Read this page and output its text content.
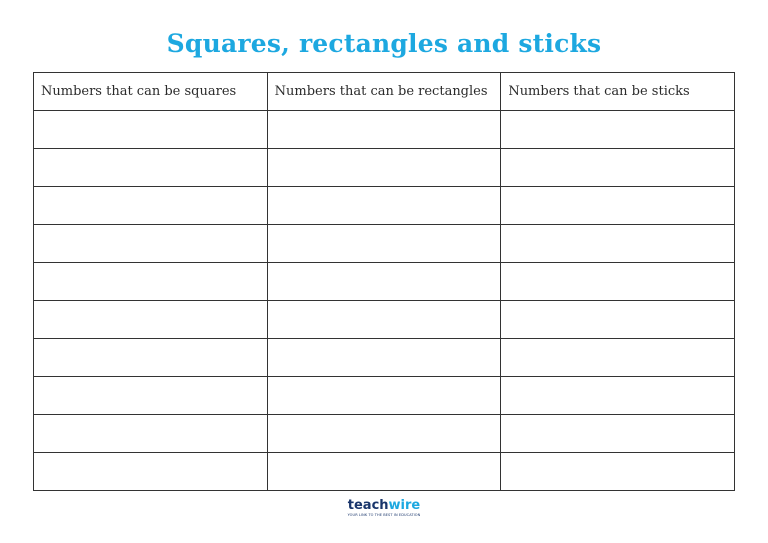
Squares, rectangles and sticks
Numbers that can be squares	Numbers that can be rectangles	Numbers that can be sticks

teachwire
YOUR LINK TO THE BEST IN EDUCATION
